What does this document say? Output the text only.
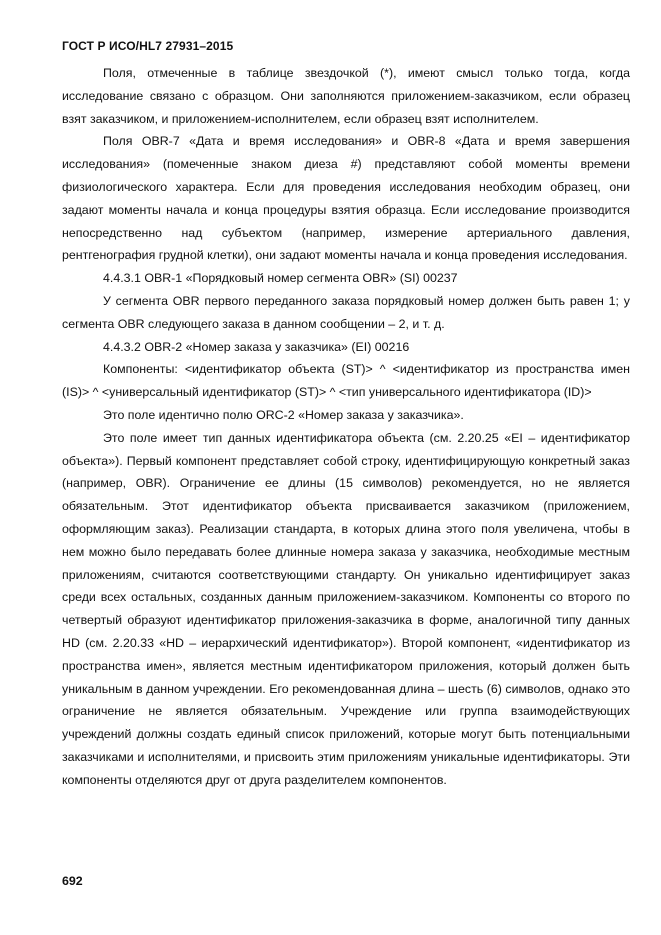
ГОСТ Р ИСО/HL7 27931–2015

Поля, отмеченные в таблице звездочкой (*), имеют смысл только тогда, когда исследование связано с образцом. Они заполняются приложением-заказчиком, если образец взят заказчиком, и приложением-исполнителем, если образец взят исполнителем.

Поля OBR-7 «Дата и время исследования» и OBR-8 «Дата и время завершения исследования» (помеченные знаком диеза #) представляют собой моменты времени физиологического характера. Если для проведения исследования необходим образец, они задают моменты начала и конца процедуры взятия образца. Если исследование производится непосредственно над субъектом (например, измерение артериального давления, рентгенография грудной клетки), они задают моменты начала и конца проведения исследования.

4.4.3.1 OBR-1 «Порядковый номер сегмента OBR» (SI) 00237

У сегмента OBR первого переданного заказа порядковый номер должен быть равен 1; у сегмента OBR следующего заказа в данном сообщении – 2, и т. д.

4.4.3.2 OBR-2 «Номер заказа у заказчика» (EI) 00216

Компоненты: <идентификатор объекта (ST)> ^ <идентификатор из пространства имен (IS)> ^ <универсальный идентификатор (ST)> ^ <тип универсального идентификатора (ID)>

Это поле идентично полю ORC-2 «Номер заказа у заказчика».

Это поле имеет тип данных идентификатора объекта (см. 2.20.25 «EI – идентификатор объекта»). Первый компонент представляет собой строку, идентифицирующую конкретный заказ (например, OBR). Ограничение ее длины (15 символов) рекомендуется, но не является обязательным. Этот идентификатор объекта присваивается заказчиком (приложением, оформляющим заказ). Реализации стандарта, в которых длина этого поля увеличена, чтобы в нем можно было передавать более длинные номера заказа у заказчика, необходимые местным приложениям, считаются соответствующими стандарту. Он уникально идентифицирует заказ среди всех остальных, созданных данным приложением-заказчиком. Компоненты со второго по четвертый образуют идентификатор приложения-заказчика в форме, аналогичной типу данных HD (см. 2.20.33 «HD – иерархический идентификатор»). Второй компонент, «идентификатор из пространства имен», является местным идентификатором приложения, который должен быть уникальным в данном учреждении. Его рекомендованная длина – шесть (6) символов, однако это ограничение не является обязательным. Учреждение или группа взаимодействующих учреждений должны создать единый список приложений, которые могут быть потенциальными заказчиками и исполнителями, и присвоить этим приложениям уникальные идентификаторы. Эти компоненты отделяются друг от друга разделителем компонентов.

692
